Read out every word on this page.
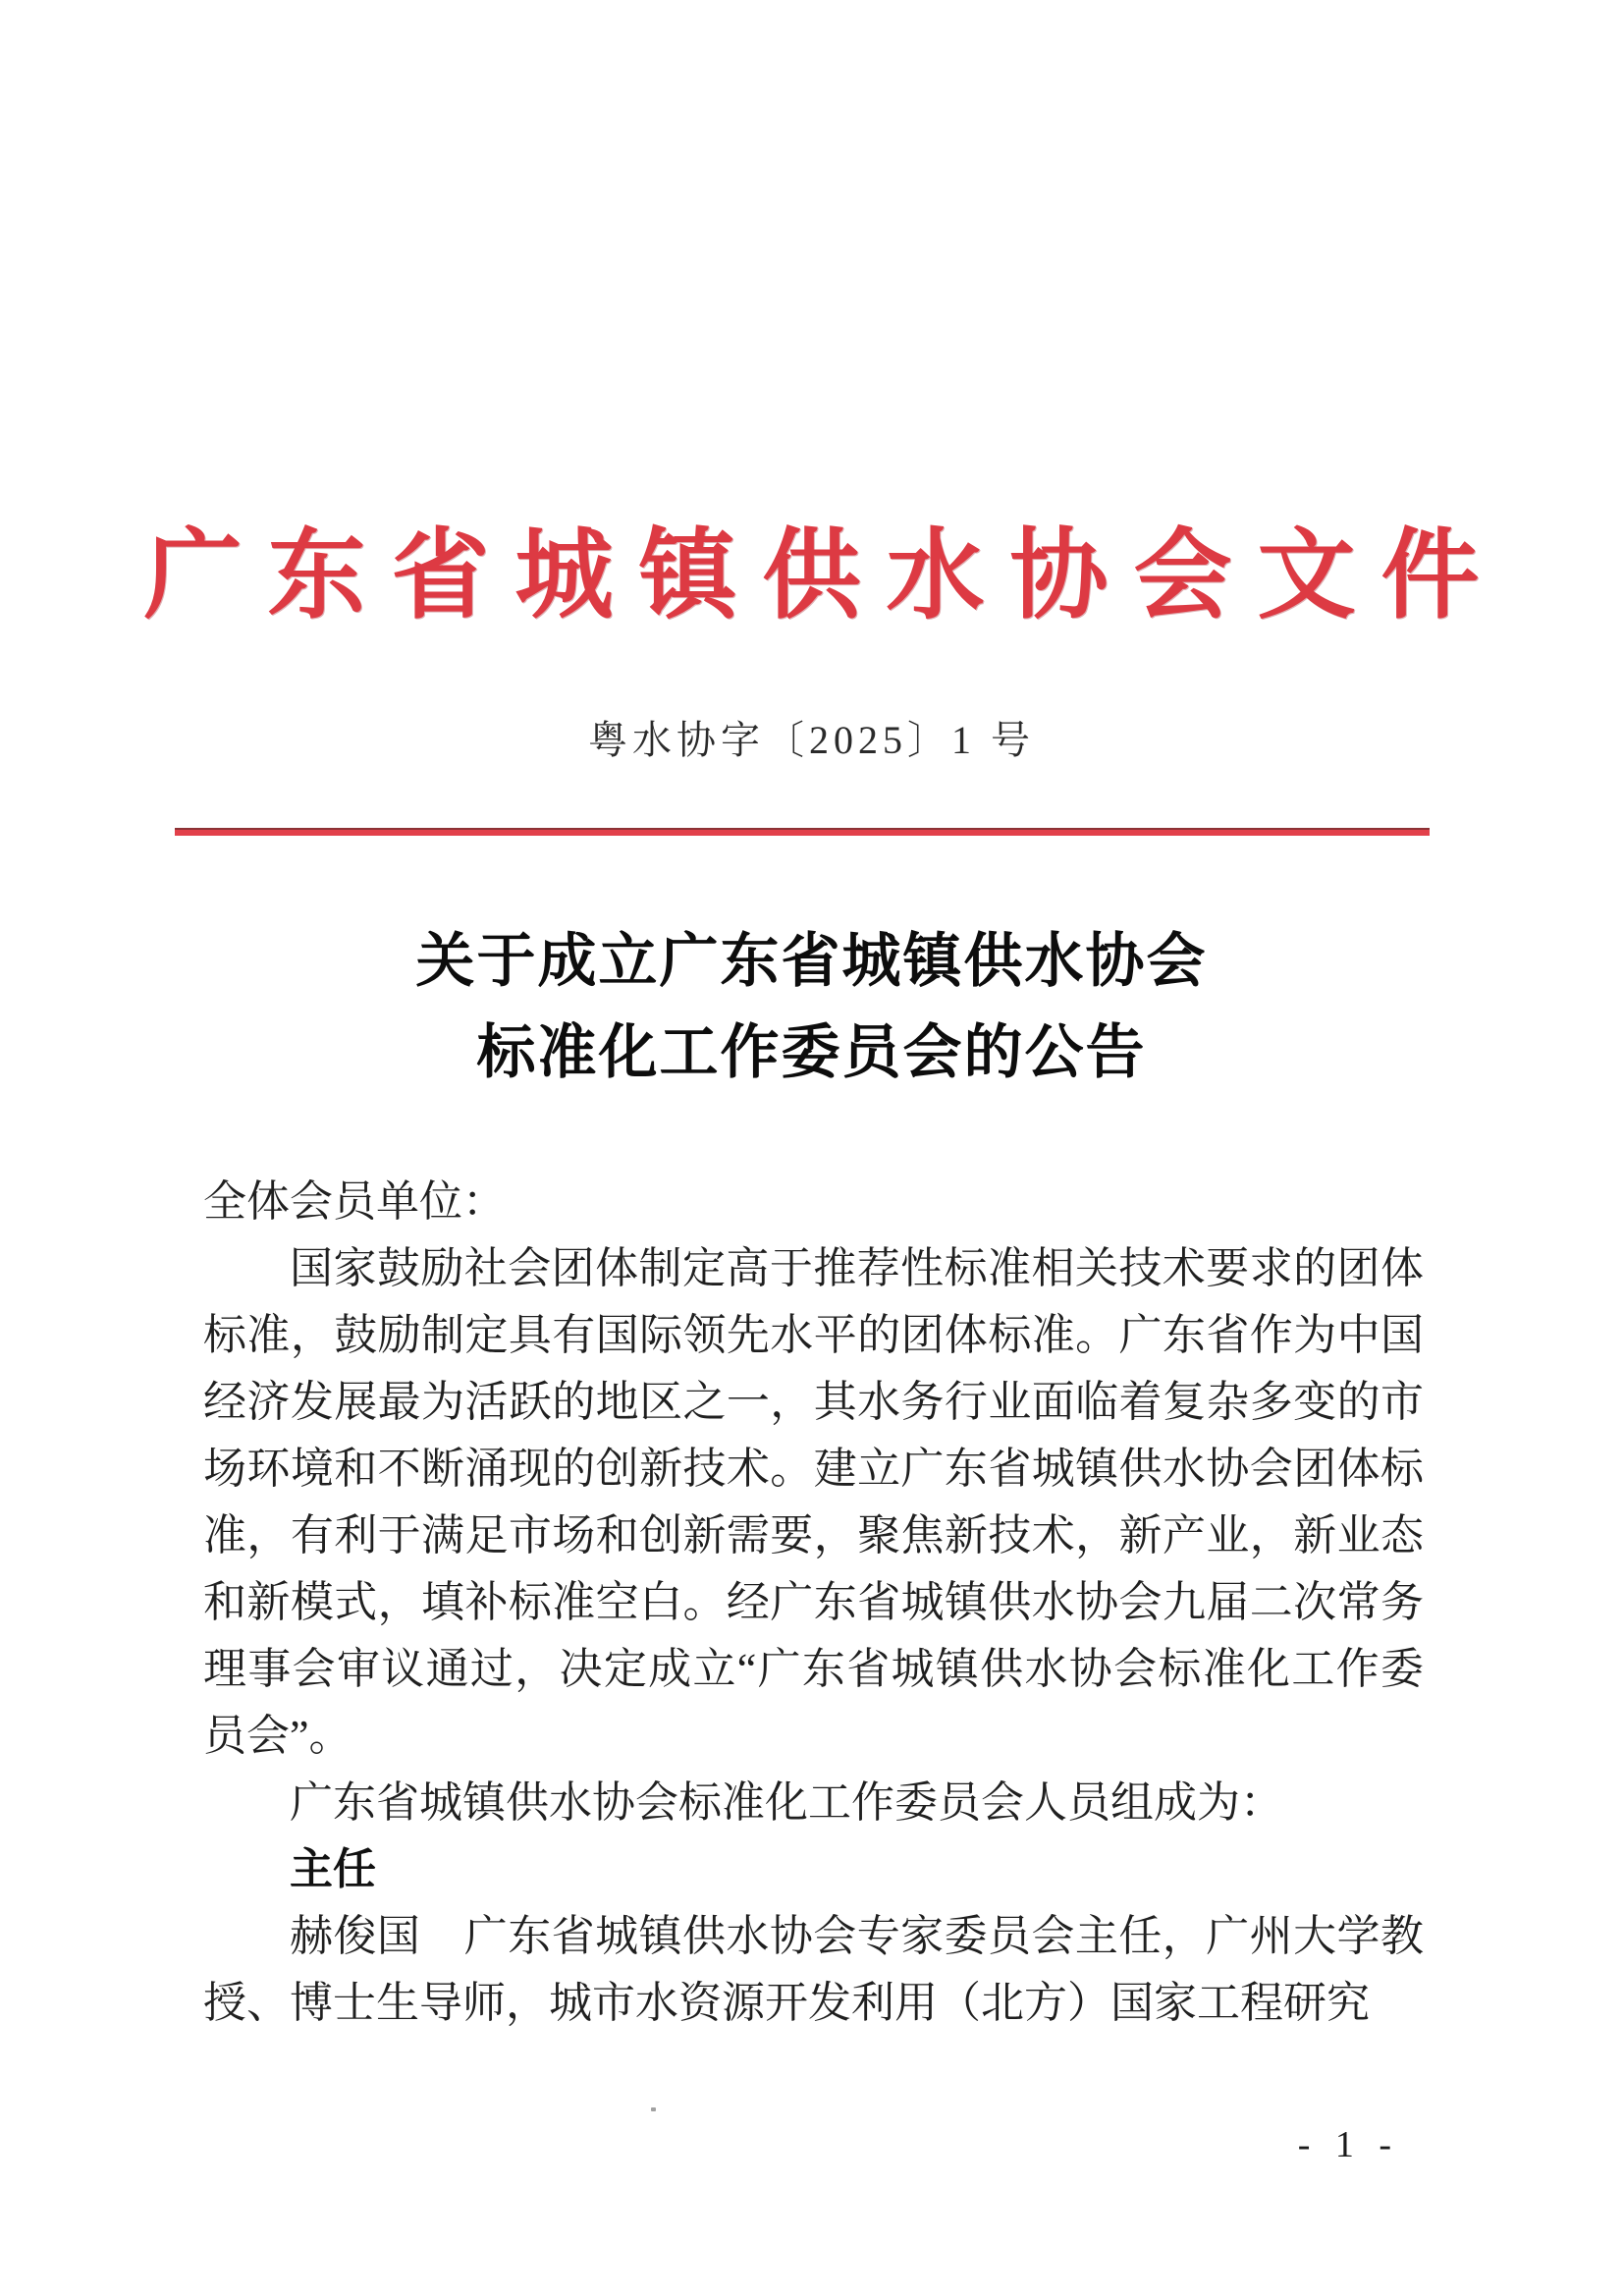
广东省城镇供水协会文件
粤水协字〔2025〕1 号
关于成立广东省城镇供水协会
标准化工作委员会的公告

全体会员单位：

国家鼓励社会团体制定高于推荐性标准相关技术要求的团体标准，鼓励制定具有国际领先水平的团体标准。广东省作为中国经济发展最为活跃的地区之一，其水务行业面临着复杂多变的市场环境和不断涌现的创新技术。建立广东省城镇供水协会团体标准，有利于满足市场和创新需要，聚焦新技术，新产业，新业态和新模式，填补标准空白。经广东省城镇供水协会九届二次常务理事会审议通过，决定成立“广东省城镇供水协会标准化工作委员会”。

广东省城镇供水协会标准化工作委员会人员组成为：

主任

赫俊国　广东省城镇供水协会专家委员会主任，广州大学教授、博士生导师，城市水资源开发利用（北方）国家工程研究

- 1 -
